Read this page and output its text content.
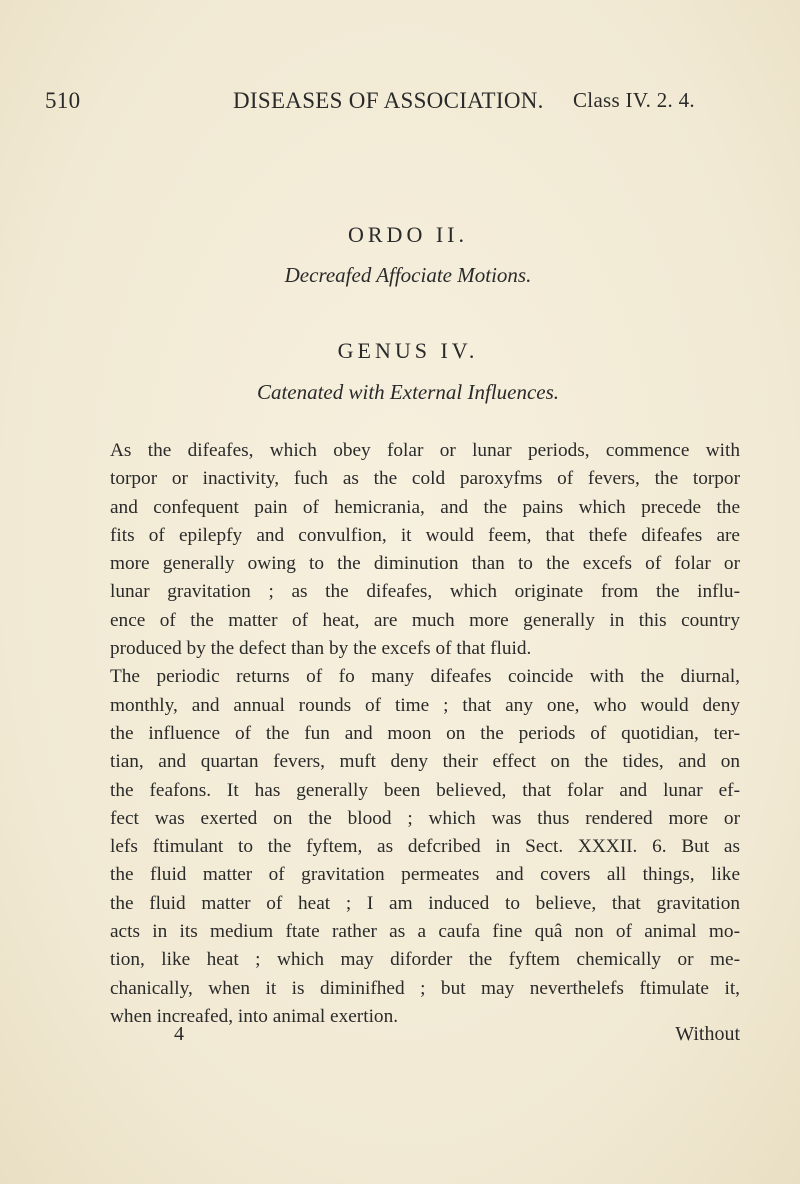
510	DISEASES OF ASSOCIATION. Class IV. 2. 4.
ORDO II.
Decreafed Affociate Motions.
GENUS IV.
Catenated with External Influences.
As the difeafes, which obey folar or lunar periods, commence with
torpor or inactivity, fuch as the cold paroxyfms of fevers, the torpor
and confequent pain of hemicrania, and the pains which precede the
fits of epilepfy and convulfion, it would feem, that thefe difeafes are
more generally owing to the diminution than to the excefs of folar or
lunar gravitation ; as the difeafes, which originate from the influ-
ence of the matter of heat, are much more generally in this country
produced by the defect than by the excefs of that fluid.
The periodic returns of fo many difeafes coincide with the diurnal,
monthly, and annual rounds of time ; that any one, who would deny
the influence of the fun and moon on the periods of quotidian, ter-
tian, and quartan fevers, muft deny their effect on the tides, and on
the feafons. It has generally been believed, that folar and lunar ef-
fect was exerted on the blood ; which was thus rendered more or
lefs ftimulant to the fyftem, as defcribed in Sect. XXXII. 6. But as
the fluid matter of gravitation permeates and covers all things, like
the fluid matter of heat ; I am induced to believe, that gravitation
acts in its medium ftate rather as a caufa fine quâ non of animal mo-
tion, like heat ; which may diforder the fyftem chemically or me-
chanically, when it is diminifhed ; but may neverthelefs ftimulate it,
when increafed, into animal exertion.
4	Without
